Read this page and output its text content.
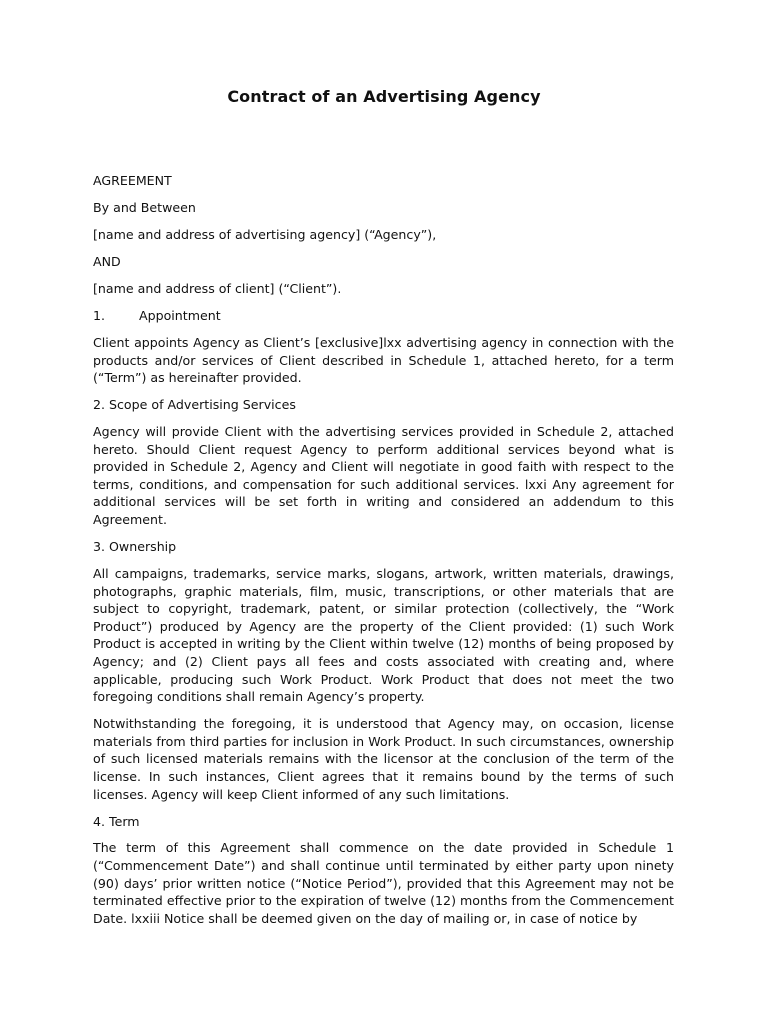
Contract of an Advertising Agency
AGREEMENT
By and Between
[name and address of advertising agency] (“Agency”),
AND
[name and address of client] (“Client”).
1.	Appointment
Client appoints Agency as Client’s [exclusive]lxx advertising agency in connection with the products and/or services of Client described in Schedule 1, attached hereto, for a term (“Term”) as hereinafter provided.
2. Scope of Advertising Services
Agency will provide Client with the advertising services provided in Schedule 2, attached hereto. Should Client request Agency to perform additional services beyond what is provided in Schedule 2, Agency and Client will negotiate in good faith with respect to the terms, conditions, and compensation for such additional services. lxxi Any agreement for additional services will be set forth in writing and considered an addendum to this Agreement.
3. Ownership
All campaigns, trademarks, service marks, slogans, artwork, written materials, drawings, photographs, graphic materials, film, music, transcriptions, or other materials that are subject to copyright, trademark, patent, or similar protection (collectively, the “Work Product”) produced by Agency are the property of the Client provided: (1) such Work Product is accepted in writing by the Client within twelve (12) months of being proposed by Agency; and (2) Client pays all fees and costs associated with creating and, where applicable, producing such Work Product. Work Product that does not meet the two foregoing conditions shall remain Agency’s property.
Notwithstanding the foregoing, it is understood that Agency may, on occasion, license materials from third parties for inclusion in Work Product. In such circumstances, ownership of such licensed materials remains with the licensor at the conclusion of the term of the license. In such instances, Client agrees that it remains bound by the terms of such licenses. Agency will keep Client informed of any such limitations.
4. Term
The term of this Agreement shall commence on the date provided in Schedule 1 (“Commencement Date”) and shall continue until terminated by either party upon ninety (90) days’ prior written notice (“Notice Period”), provided that this Agreement may not be terminated effective prior to the expiration of twelve (12) months from the Commencement Date. lxxiii Notice shall be deemed given on the day of mailing or, in case of notice by
